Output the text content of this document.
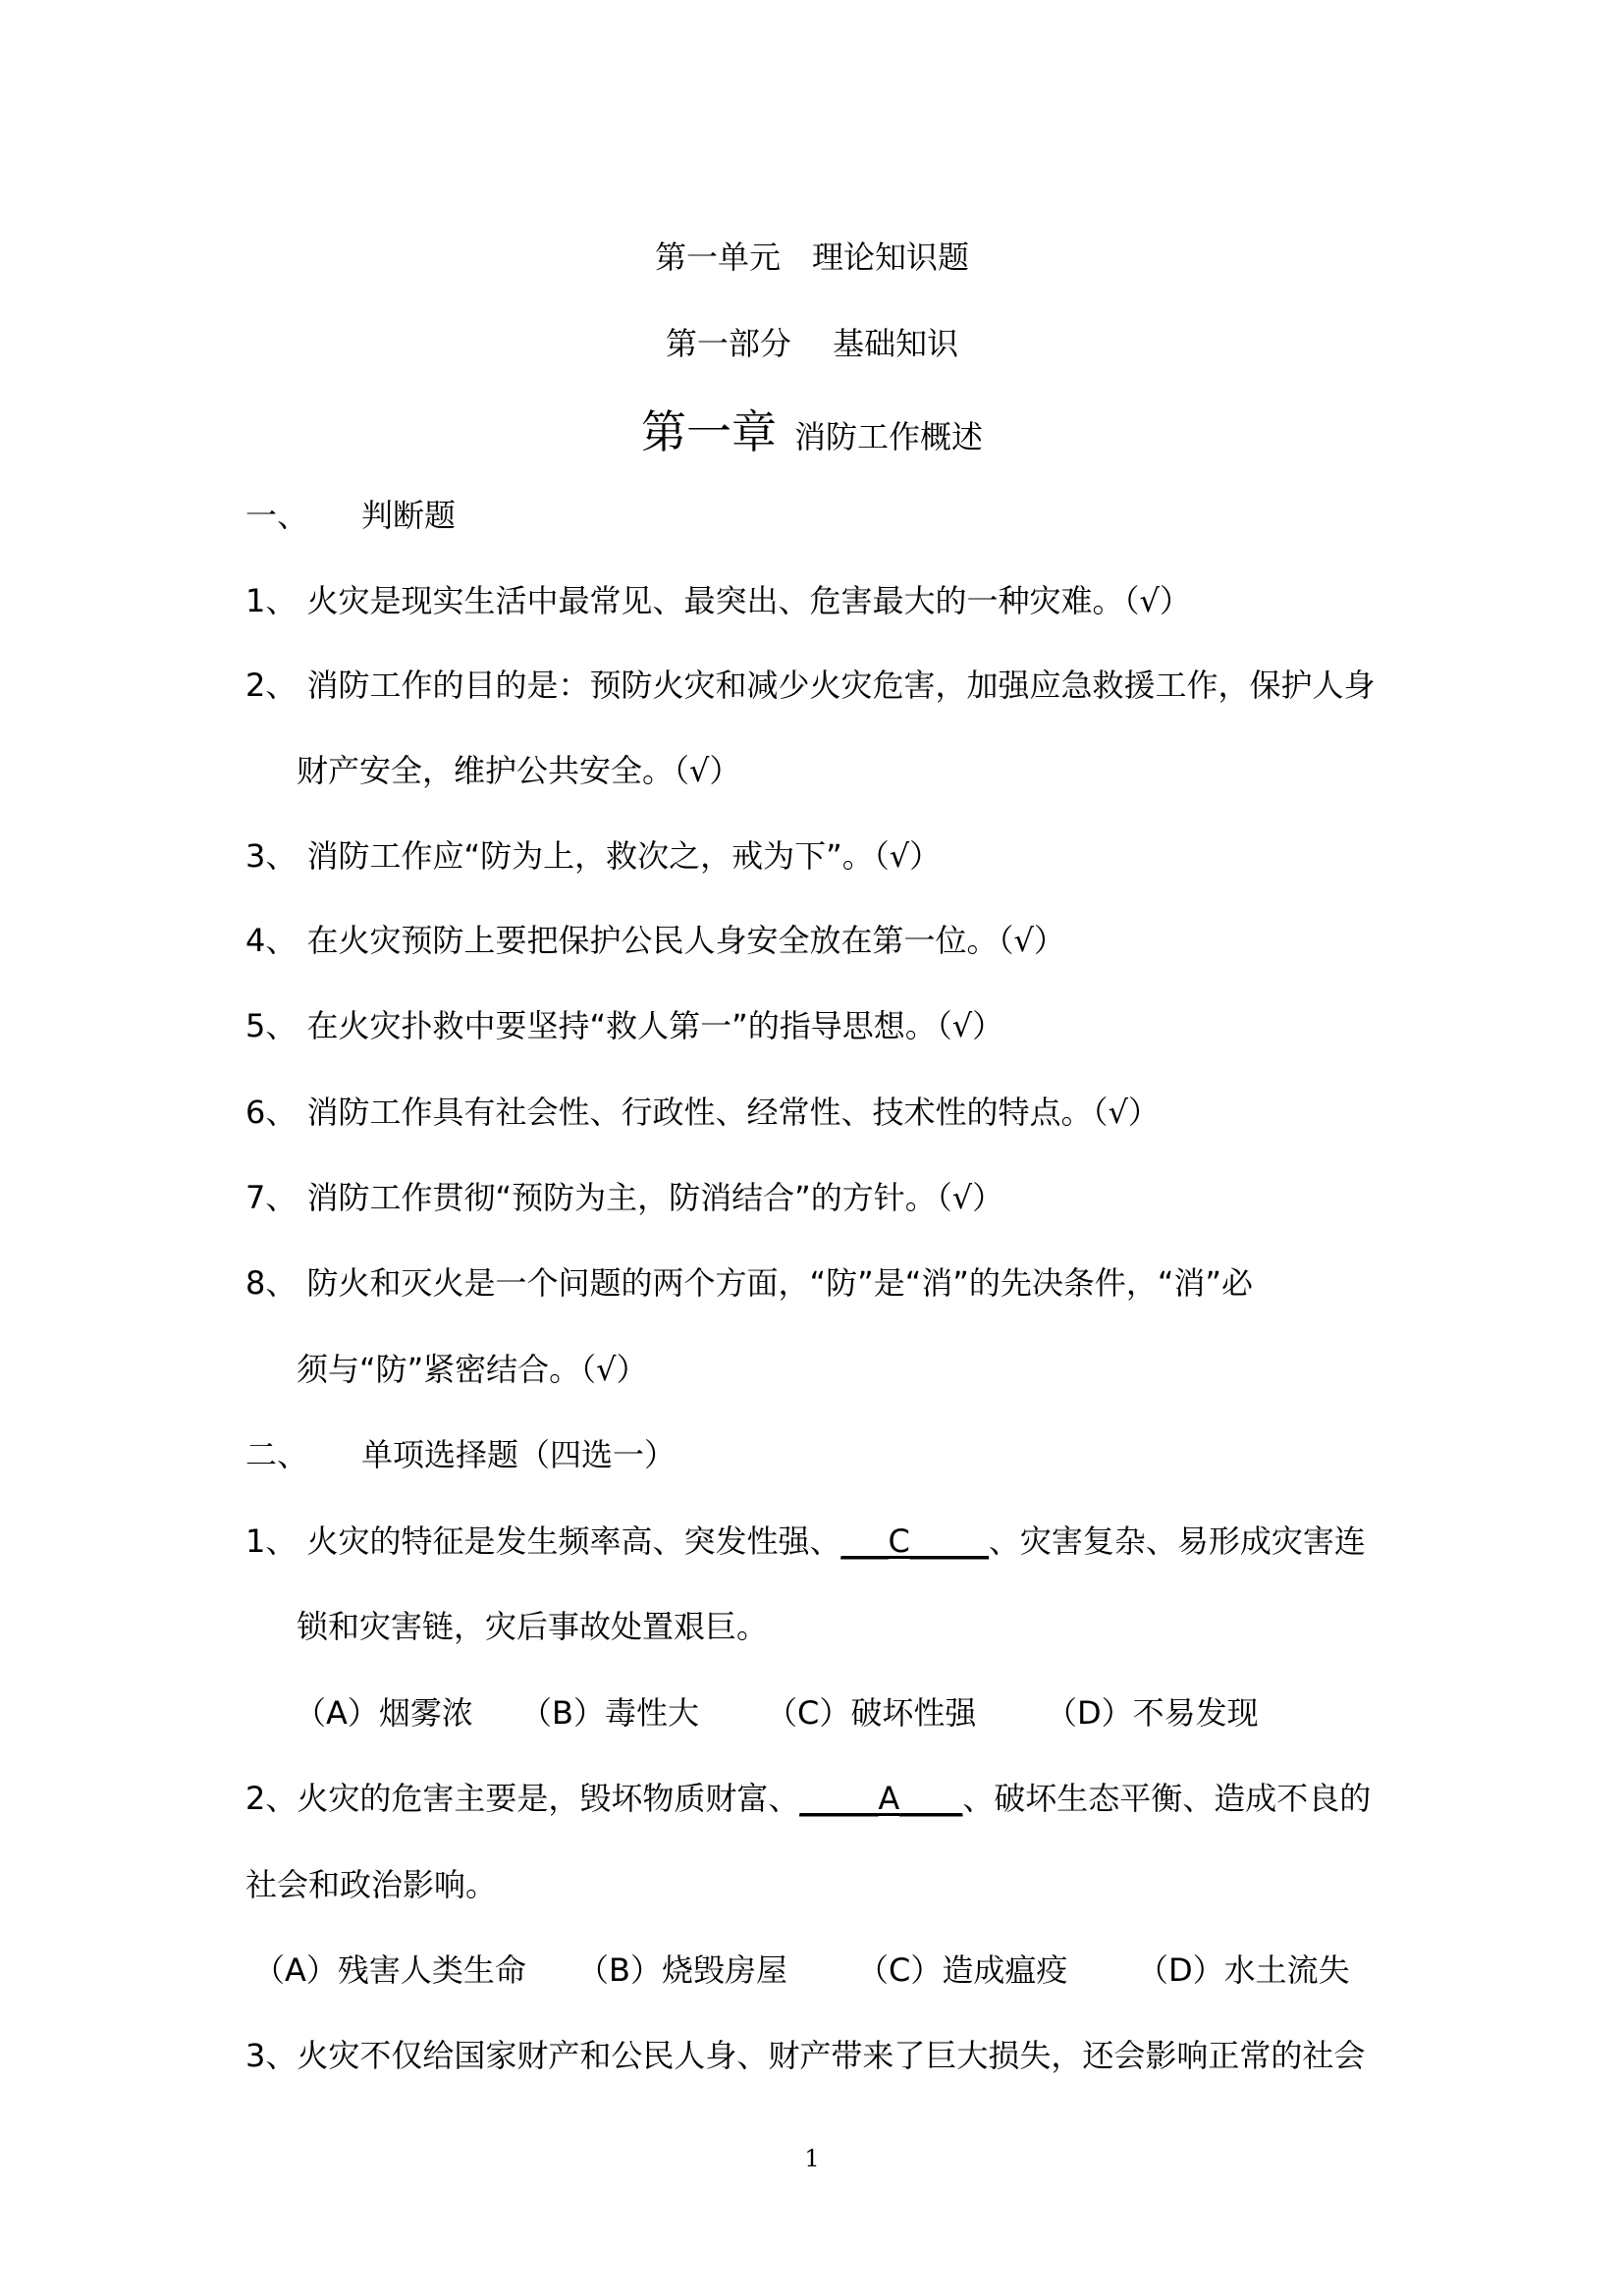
第一单元　理论知识题
第一部分　 基础知识
第一章 消防工作概述
一、 判断题
1、 火灾是现实生活中最常见、最突出、危害最大的一种灾难。（√）
2、 消防工作的目的是：预防火灾和减少火灾危害，加强应急救援工作，保护人身
财产安全，维护公共安全。（√）
3、 消防工作应“防为上，救次之，戒为下”。（√）
4、 在火灾预防上要把保护公民人身安全放在第一位。（√）
5、 在火灾扑救中要坚持“救人第一”的指导思想。（√）
6、 消防工作具有社会性、行政性、经常性、技术性的特点。（√）
7、 消防工作贯彻“预防为主，防消结合”的方针。（√）
8、 防火和灭火是一个问题的两个方面，“防”是“消”的先决条件，“消”必
须与“防”紧密结合。（√）
二、 单项选择题（四选一）
1、 火灾的特征是发生频率高、突发性强、___C_____、灾害复杂、易形成灾害连
锁和灾害链，灾后事故处置艰巨。
（A）烟雾浓 （B）毒性大 （C）破坏性强 （D）不易发现
2、火灾的危害主要是，毁坏物质财富、_____A____、破坏生态平衡、造成不良的
社会和政治影响。
（A）残害人类生命 （B）烧毁房屋 （C）造成瘟疫 （D）水土流失
3、火灾不仅给国家财产和公民人身、财产带来了巨大损失，还会影响正常的社会
1
